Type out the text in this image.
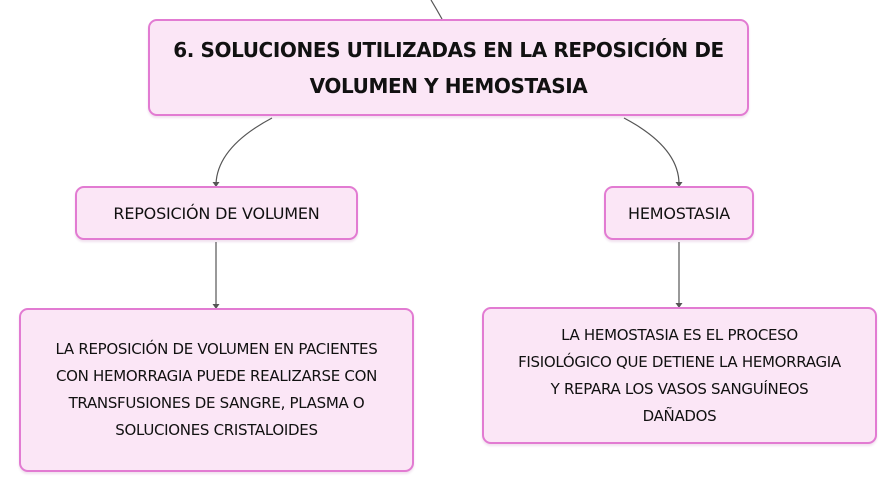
6. SOLUCIONES UTILIZADAS EN LA REPOSICIÓN DE
VOLUMEN Y HEMOSTASIA
REPOSICIÓN DE VOLUMEN	HEMOSTASIA
LA REPOSICIÓN DE VOLUMEN EN PACIENTES
CON HEMORRAGIA PUEDE REALIZARSE CON
TRANSFUSIONES DE SANGRE, PLASMA O
SOLUCIONES CRISTALOIDES
LA HEMOSTASIA ES EL PROCESO
FISIOLÓGICO QUE DETIENE LA HEMORRAGIA
Y REPARA LOS VASOS SANGUÍNEOS
DAÑADOS
